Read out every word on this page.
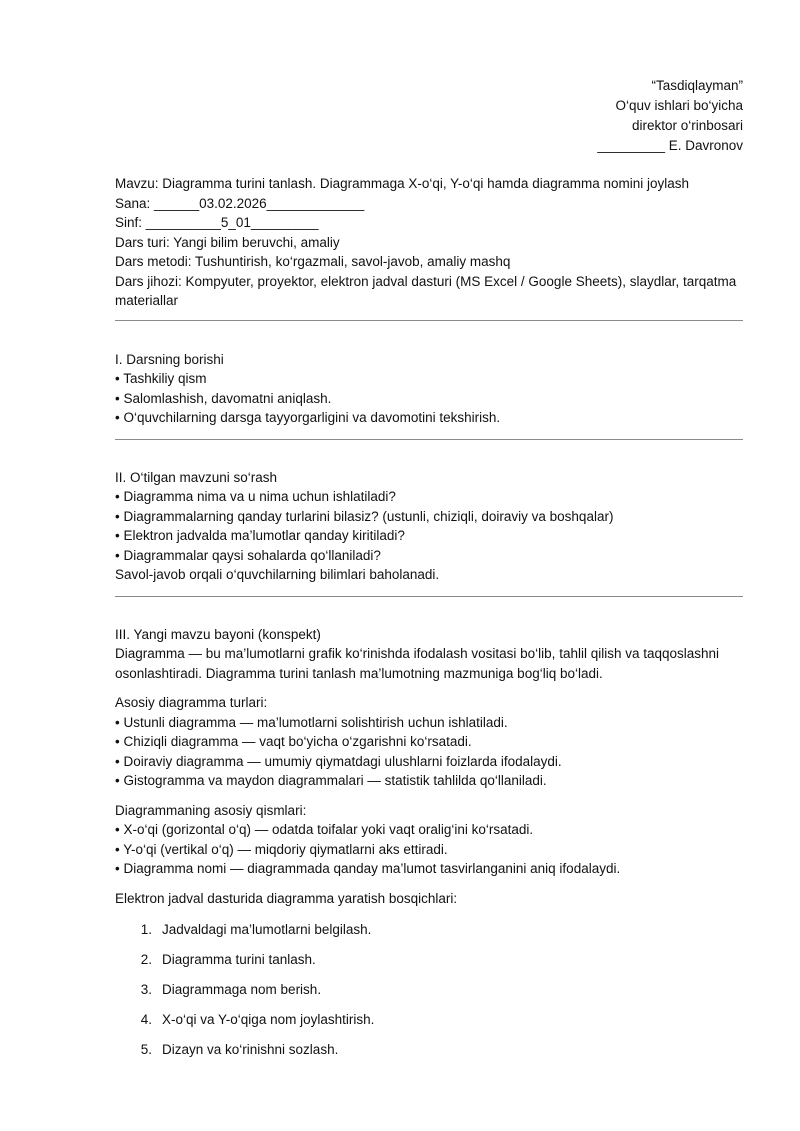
“Tasdiqlayman”
O‘quv ishlari bo‘yicha
direktor o‘rinbosari
_________ E. Davronov
Mavzu: Diagramma turini tanlash. Diagrammaga X-o‘qi, Y-o‘qi hamda diagramma nomini joylash
Sana: ______03.02.2026_____________
Sinf: __________5_01_________
Dars turi: Yangi bilim beruvchi, amaliy
Dars metodi: Tushuntirish, ko‘rgazmali, savol-javob, amaliy mashq
Dars jihozi: Kompyuter, proyektor, elektron jadval dasturi (MS Excel / Google Sheets), slaydlar, tarqatma materiallar
I. Darsning borishi
• Tashkiliy qism
• Salomlashish, davomatni aniqlash.
• O‘quvchilarning darsga tayyorgarligini va davomotini tekshirish.
II. O‘tilgan mavzuni so‘rash
• Diagramma nima va u nima uchun ishlatiladi?
• Diagrammalarning qanday turlarini bilasiz? (ustunli, chiziqli, doiraviy va boshqalar)
• Elektron jadvalda ma’lumotlar qanday kiritiladi?
• Diagrammalar qaysi sohalarda qo‘llaniladi?
Savol-javob orqali o‘quvchilarning bilimlari baholanadi.
III. Yangi mavzu bayoni (konspekt)
Diagramma — bu ma’lumotlarni grafik ko‘rinishda ifodalash vositasi bo‘lib, tahlil qilish va taqqoslashni osonlashtiradi. Diagramma turini tanlash ma’lumotning mazmuniga bog‘liq bo‘ladi.
Asosiy diagramma turlari:
• Ustunli diagramma — ma’lumotlarni solishtirish uchun ishlatiladi.
• Chiziqli diagramma — vaqt bo‘yicha o‘zgarishni ko‘rsatadi.
• Doiraviy diagramma — umumiy qiymatdagi ulushlarni foizlarda ifodalaydi.
• Gistogramma va maydon diagrammalari — statistik tahlilda qo‘llaniladi.
Diagrammaning asosiy qismlari:
• X-o‘qi (gorizontal o‘q) — odatda toifalar yoki vaqt oralig‘ini ko‘rsatadi.
• Y-o‘qi (vertikal o‘q) — miqdoriy qiymatlarni aks ettiradi.
• Diagramma nomi — diagrammada qanday ma’lumot tasvirlanganini aniq ifodalaydi.
Elektron jadval dasturida diagramma yaratish bosqichlari:
1. Jadvaldagi ma’lumotlarni belgilash.
2. Diagramma turini tanlash.
3. Diagrammaga nom berish.
4. X-o‘qi va Y-o‘qiga nom joylashtirish.
5. Dizayn va ko‘rinishni sozlash.
